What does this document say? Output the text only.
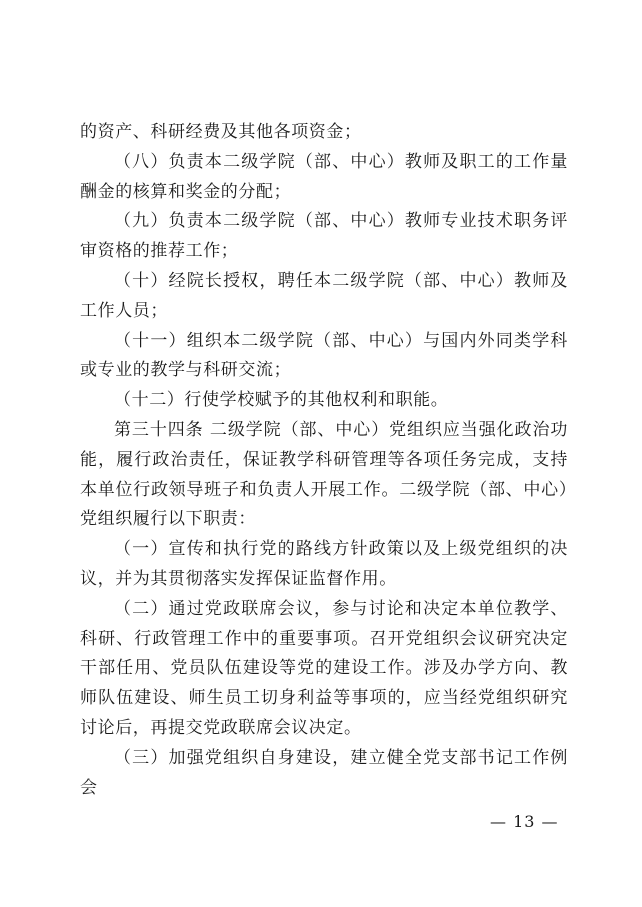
的资产、科研经费及其他各项资金；

（八）负责本二级学院（部、中心）教师及职工的工作量酬金的核算和奖金的分配；

（九）负责本二级学院（部、中心）教师专业技术职务评审资格的推荐工作；

（十）经院长授权，聘任本二级学院（部、中心）教师及工作人员；

（十一）组织本二级学院（部、中心）与国内外同类学科或专业的教学与科研交流；

（十二）行使学校赋予的其他权利和职能。

第三十四条 二级学院（部、中心）党组织应当强化政治功能，履行政治责任，保证教学科研管理等各项任务完成，支持本单位行政领导班子和负责人开展工作。二级学院（部、中心）党组织履行以下职责：

（一）宣传和执行党的路线方针政策以及上级党组织的决议，并为其贯彻落实发挥保证监督作用。

（二）通过党政联席会议，参与讨论和决定本单位教学、科研、行政管理工作中的重要事项。召开党组织会议研究决定干部任用、党员队伍建设等党的建设工作。涉及办学方向、教师队伍建设、师生员工切身利益等事项的，应当经党组织研究讨论后，再提交党政联席会议决定。

（三）加强党组织自身建设，建立健全党支部书记工作例会

— 13 —
